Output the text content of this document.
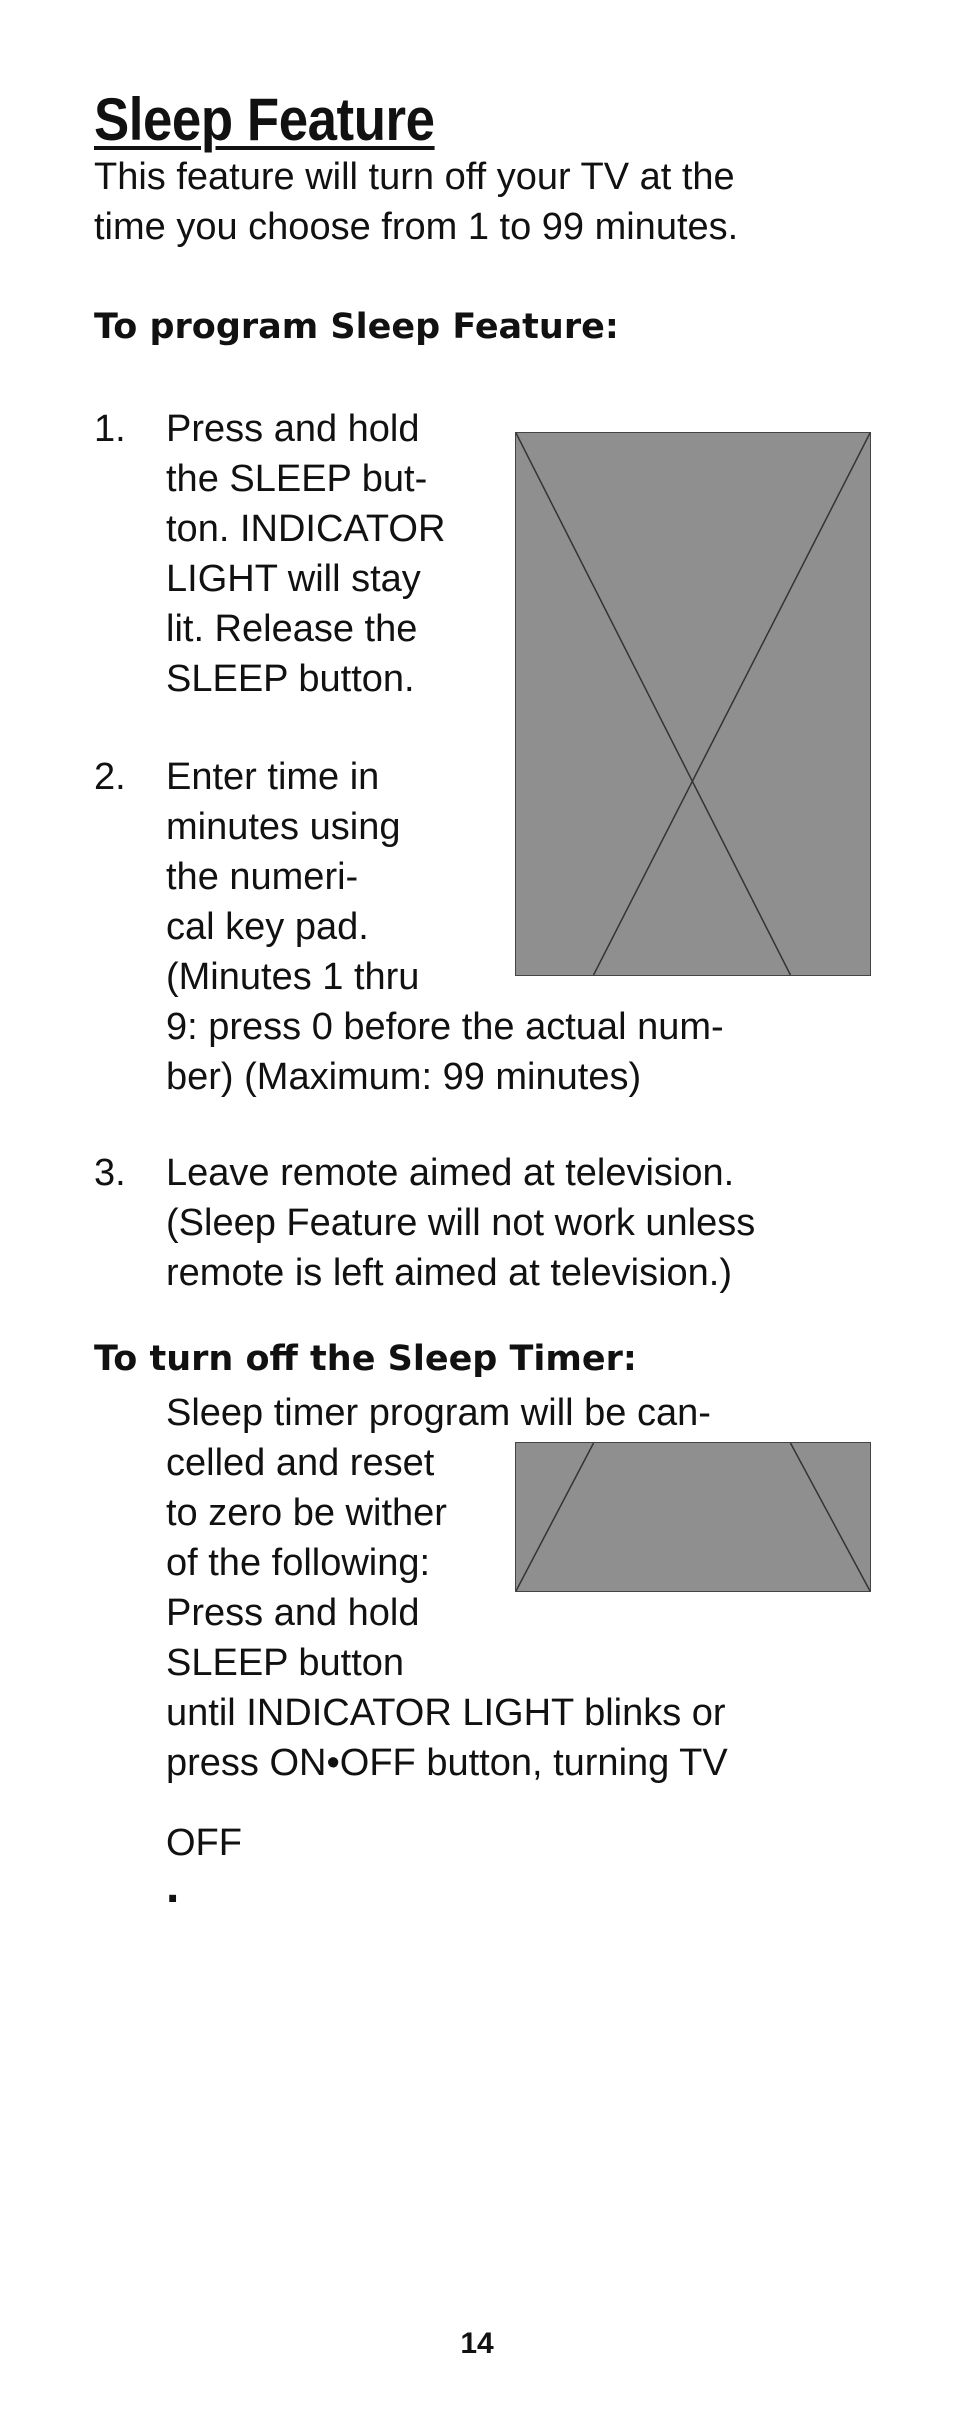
Sleep Feature
This feature will turn off your TV at the
time you choose from 1 to 99 minutes.
To program Sleep Feature:
1. Press and hold
the SLEEP but-
ton. INDICATOR
LIGHT will stay
lit. Release the
SLEEP button.
2. Enter time in
minutes using
the numeri-
cal key pad.
(Minutes 1 thru
9: press 0 before the actual num-
ber) (Maximum: 99 minutes)
3. Leave remote aimed at television.
(Sleep Feature will not work unless
remote is left aimed at television.)
To turn off the Sleep Timer:
Sleep timer program will be can-
celled and reset
to zero be wither
of the following:
Press and hold
SLEEP button
until INDICATOR LIGHT blinks or
press ON•OFF button, turning TV
OFF
.
14
